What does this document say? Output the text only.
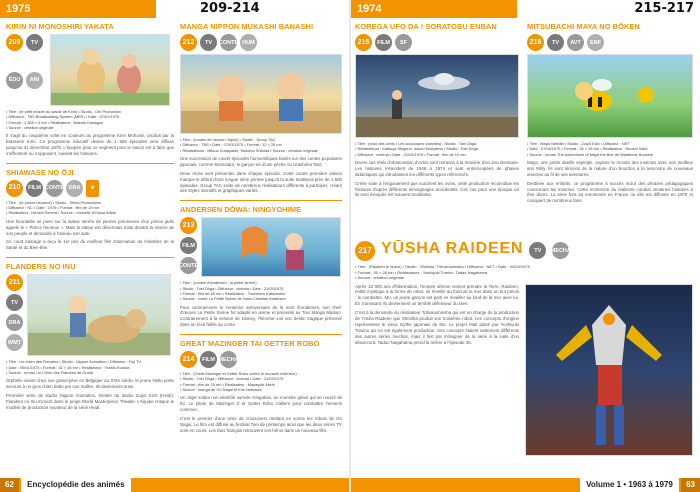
1975	209-214
KIRIN NI MONOSHIRI YAKATA
209	TV
ÉDU	ANI
• Titre : (le petit musée du savoir de Kirin) • Studio : Oh! Production
• Diffuseur : TBS Broadcasting System (MBS) • Date : 07/01/1975
• Format : 1 365 × 5 mn • Réalisateur : Makoto Kawagoe
• Source : création originale
Il s'agit du cinquième volet en couleurs du programme Kirin Mohosiri, produit par la brasserie Kirin. Ce programme éducatif devise de 1 565 épisodes sera diffusé jusqu'au 31 décembre 1979. L'épopée pour ce segment pour le savoir est à faire que s'affrontent ou s'opposent, suivant les histoires.
SHIAWASE NO ŌJI
210	FILM CONTE DRA	★
• Titre : (le prince heureux) • Studio : Shirai Productions
• Diffuseur : NC • Date : 1975 • Format : film de 19 mn
• Réalisateur : Hiroshi Sonera • Source : nouvelle d'Oscar Wilde
Une hirondelle se pose sur la statue serrée de pierres précieuses d'un prince jadis appelé le « Prince heureux ». Mais la statue est désormais triste devant la misère de son peuple et demande à l'oiseau son aide.
Ce court métrage a reçu le 1er prix du meilleur film d'animation du ministère de la Santé et du Bien-être.
FLANDERS NO INU
211
TV
DRA
WMT
• Titre : Un chien des Flandres • Studio : Nippon Animation • Diffuseur : Fuji TV
• Date : 05/01/1975 • Format : 52 × 26 mn • Réalisateur : Yoshio Kuroda
• Source : roman Un Chien des Flandres de Ouida
Orphelin vivant chez son grand-père en Belgique au XIXe siècle, le jeune Nello porte secours à un gros chien battu par son maître. Ils deviennent amis.
Première série du studio Nippon Animation, héritier du studio Zuiyō Eizō (Heidi). Flanders no Inu s'inscrit dans le projet World Masterpiece Theater. L'équipe critique le modèle de production novateur de la série Heidi.
MANGA NIPPON MUKASHI BANASHI
212	TV	CONTE HUM
• Titre : (contes de l'ancien Japon) • Studio : Group TAC
• Diffuseur : TBS • Date : 07/01/1975 • Format : 12 × 25 mn
• Réalisateurs : Mitsuo Kobayashi, Tsutomu Shibata • Source : création originale
Une succession de courts épisodes humoristiques basés sur des contes populaires japonais, comme Momotarō, le garçon né d'une pêche ou Urashima Tarō.
Deux récits sont présentés dans chaque épisode. Cette courte première saison marque le début d'une longue série primée jusqu'à la suite totalisera près de 1 500 épisodes. Group TAC invite de nombreux réalisateurs différents à participer, créant des styles narratifs et graphiques variés.
ANDERSEN DŌWA: NINGYOHIME
213
FILM
CONTE
• Titre : (contes d'Andersen : la petite sirène)
• Studio : Toei Dōga • Diffuseur : cinéma • Date : 21/03/1975
• Format : film de 68 mn • Réalisateur : Tomoharu Katsumata
• Source : conte La Petite Sirène de Hans Christian Andersen
Pour commémorer le centième anniversaire de la mort d'Andersen, son chef-d'œuvre La Petite Sirène fut adapté en anime et présenté au Toei Manga Matsuri. Contrairement à la version de Disney, l'héroïne voit son destin tragique préservé dans un récit fidèle au conte.
GREAT MAZINGER TAI GETTER ROBO
214	FILM MECHA
• Titre : (Great Mazinger et Getter Robo contre le monstre extérieur)
• Studio : Toei Dōga • Diffuseur : cinéma • Date : 21/03/1975
• Format : film de 25 mn • Réalisateur : Masayuki Akehi
• Source : manga de Go Nagai et Ken Ishikawa
Un objet volant non identifié survole Gingakan, un monstre géant qui se nourrit de fer. Le pilote de Mazinger Z et Getter Robo s'allient pour combattre l'ennemi commun.
C'est le premier d'une série de crossovers mettant en scène les robots de Go Nagai. Le film est diffusé au festival Toei de printemps ainsi que les deux séries TV sont en cours. Les fans français retrouvent ces héros dans un nouveau film.
62 Encyclopédie des animés
1974	215-217
KOREGA UFO DA ! SORATOBU ENBAN
215	FILM	SF
• Titre : (voici des ovnis ! Les soucoupes volantes) • Studio : Toei Dōga
• Réalisateurs : Katsuya Shigeno, Isamu Moriyama • Studio : Toei Dōga
• Diffuseur : cinéma • Date : 21/03/1975 • Format : film de 10 mn
Divers cas réels d'observation d'ovnis sont retracés à la manière d'un documentaire. Les histoires s'étendent de 1948 à 1974 et sont entrecoupées de phases didactiques qui introduisent les différents types référencés.
Créée suite à l'engouement que suscitent les ovnis, cette production reconstitue les histoires d'après différents témoignages accidentels. Ces cas pour une époque où ils sont évoqués est souvent troublante.
MITSUBACHI MAYA NO BŌKEN
216	TV	AVT	ENF
• Titre : Maya l'abeille • Studio : Zuiyō Eizō • Diffuseur : NET
• Date : 07/04/1975 • Format : 52 × 26 mn • Réalisateur : Hiroshi Saitō
• Source : roman The Adventures of Maya the Bee de Waldemar Bonsels
Maya, une petite abeille espiègle, explore le monde des insectes avec son meilleur ami Willy. Ils sont témoins de la nature d'un bourdon à la rencontre de nouveaux insectes au fil de ses aventures.
Destinée aux enfants, ce programme à succès inclut des phrases pédagogiques concernant les insectes. Cette recherche du réalisme conduit certaines histoires à être dures. La série fera sa renommée en France où elle est diffusée en 1978 et conquiert de nombreux fans.
217 YŪSHA RAIDEEN	TV	MECHA
• Titre : (Raideen le brave) • Studio : Sōeisha, Tōhokushinsha • Diffuseur : NET • Date : 04/04/1975
• Format : 50 × 26 mn • Réalisateurs : Yoshiyuki Tomino, Tadao Nagahama
• Source : création originale
Après 12 000 ans d'hibernation, l'empire démon revient prendre la Terre. Raideen, entité mystique à la forme de robot, se réveille au fond de la mer dans un but précis : le combattre. Mu, un jeune garçon est parti se réveiller au fond de la mer avec lui. En s'unissant, ils deviennent un terrible défenseur du bien.
C'est à la demande du réalisateur Tohokushinsha qui est en charge de la production de Yūsha Raideen que Sōeisha produit son troisième robot. Les concepts d'origine représentent le vieux mythe japonais de Mu. Le projet était piloté par Yoshiyuki Tomino qui en est également producteur. Ses concepts étaient nettement différents des autres séries mechas, mais il finit par s'éloigner de la série à la suite d'un désaccord. Tadao Nagahama prend la relève à l'épisode 26.
Volume 1 • 1963 à 1979 63
